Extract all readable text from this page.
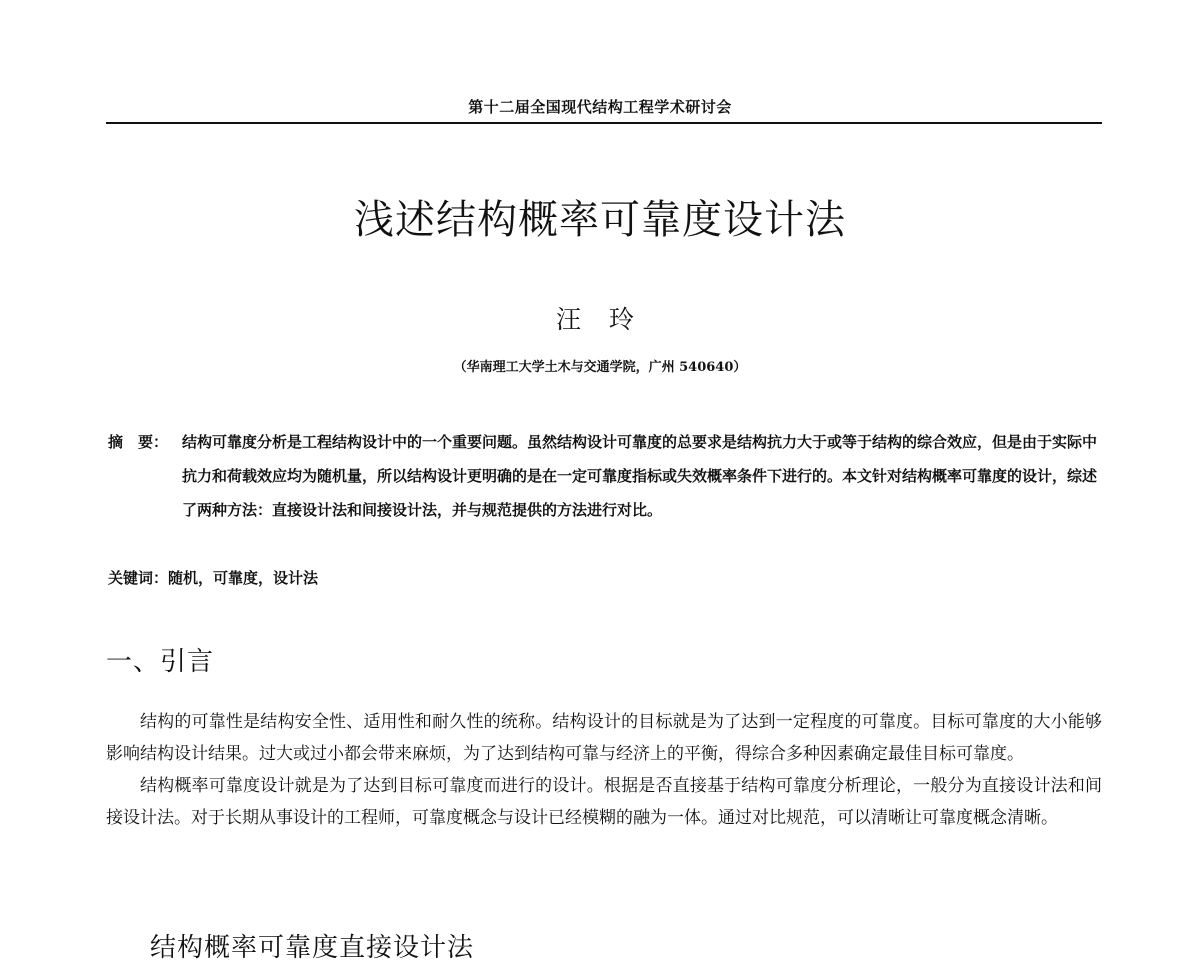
第十二届全国现代结构工程学术研讨会
浅述结构概率可靠度设计法
汪 玲
（华南理工大学土木与交通学院，广州 540640）
摘　要： 结构可靠度分析是工程结构设计中的一个重要问题。虽然结构设计可靠度的总要求是结构抗力大于或等于结构的综合效应，但是由于实际中抗力和荷载效应均为随机量，所以结构设计更明确的是在一定可靠度指标或失效概率条件下进行的。本文针对结构概率可靠度的设计，综述了两种方法：直接设计法和间接设计法，并与规范提供的方法进行对比。
关键词：随机，可靠度，设计法
一、引言

结构的可靠性是结构安全性、适用性和耐久性的统称。结构设计的目标就是为了达到一定程度的可靠度。目标可靠度的大小能够影响结构设计结果。过大或过小都会带来麻烦，为了达到结构可靠与经济上的平衡，得综合多种因素确定最佳目标可靠度。

结构概率可靠度设计就是为了达到目标可靠度而进行的设计。根据是否直接基于结构可靠度分析理论，一般分为直接设计法和间接设计法。对于长期从事设计的工程师，可靠度概念与设计已经模糊的融为一体。通过对比规范，可以清晰让可靠度概念清晰。

结构概率可靠度直接设计法
